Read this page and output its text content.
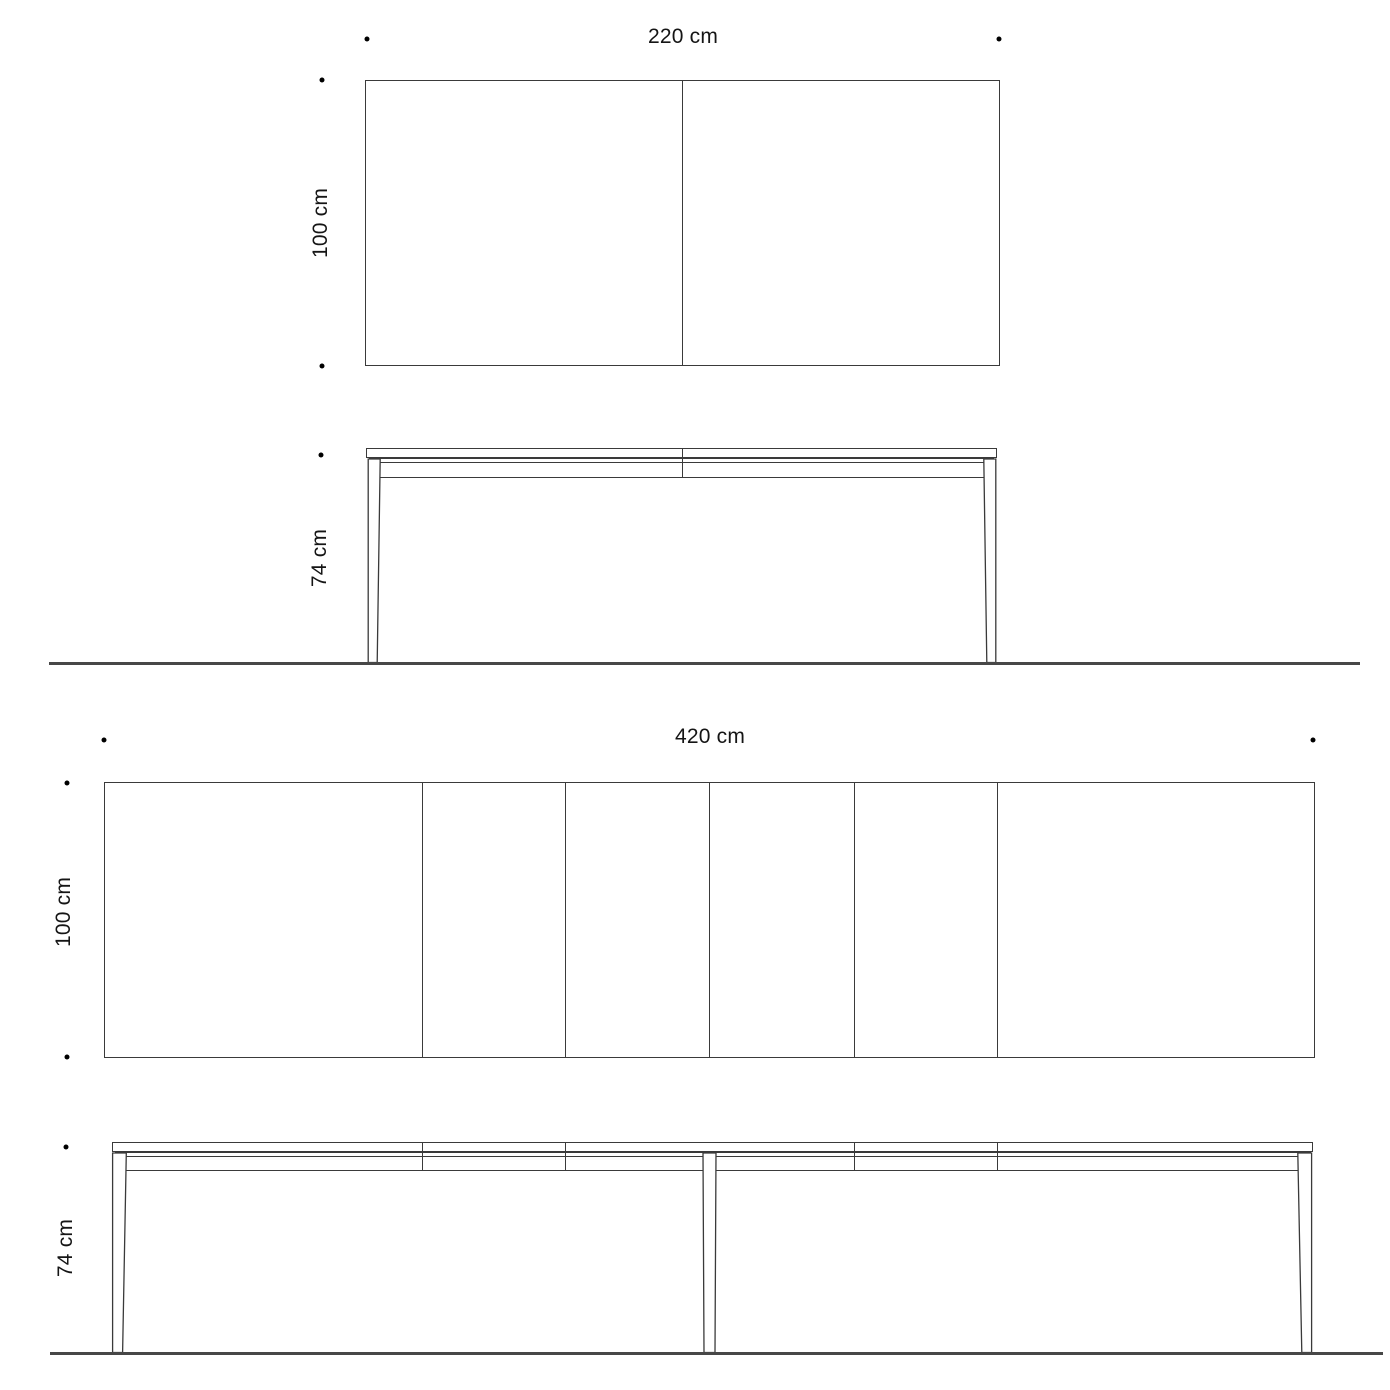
220 cm
100 cm
74 cm
420 cm
100 cm
74 cm
